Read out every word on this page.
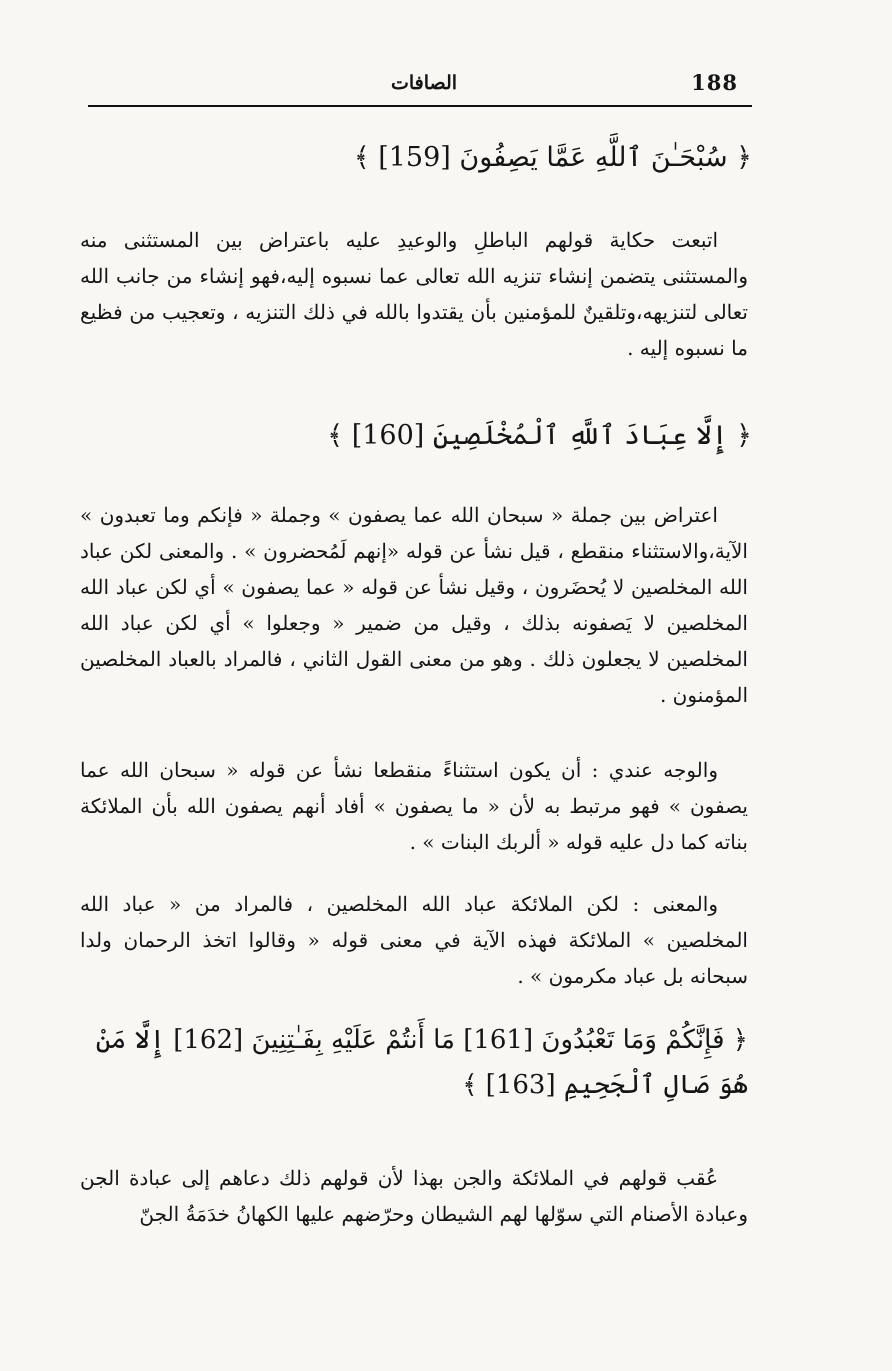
الصافات	188
﴿ سُبْحَـٰنَ ٱللَّهِ عَمَّا يَصِفُونَ [159] ﴾

اتبعت حكاية قولهم الباطلِ والوعيدِ عليه باعتراض بين المستثنى منه والمستثنى يتضمن إنشاء تنزيه الله تعالى عما نسبوه إليه،فهو إنشاء من جانب الله تعالى لتنزيهه،وتلقينٌ للمؤمنين بأن يقتدوا بالله في ذلك التنزيه ، وتعجيب من فظيع ما نسبوه إليه .

﴿ إِلَّا عِبَادَ ٱللَّهِ ٱلْمُخْلَصِينَ [160] ﴾

اعتراض بين جملة « سبحان الله عما يصفون » وجملة « فإنكم وما تعبدون » الآية،والاستثناء منقطع ، قيل نشأ عن قوله «إنهم لَمُحضرون » . والمعنى لكن عباد الله المخلصين لا يُحضَرون ، وقيل نشأ عن قوله « عما يصفون » أي لكن عباد الله المخلصين لا يَصفونه بذلك ، وقيل من ضمير « وجعلوا » أي لكن عباد الله المخلصين لا يجعلون ذلك . وهو من معنى القول الثاني ، فالمراد بالعباد المخلصين المؤمنون .

والوجه عندي : أن يكون استثناءً منقطعا نشأ عن قوله « سبحان الله عما يصفون » فهو مرتبط به لأن « ما يصفون » أفاد أنهم يصفون الله بأن الملائكة بناته كما دل عليه قوله « ألربك البنات » .

والمعنى : لكن الملائكة عباد الله المخلصين ، فالمراد من « عباد الله المخلصين » الملائكة فهذه الآية في معنى قوله « وقالوا اتخذ الرحمان ولدا سبحانه بل عباد مكرمون » .

﴿ فَإِنَّكُمْ وَمَا تَعْبُدُونَ [161] مَا أَنتُمْ عَلَيْهِ بِفَـٰتِنِينَ [162] إِلَّا مَنْ هُوَ صَالِ ٱلْجَحِيمِ [163] ﴾

عُقب قولهم في الملائكة والجن بهذا لأن قولهم ذلك دعاهم إلى عبادة الجن وعبادة الأصنام التي سوّلها لهم الشيطان وحرّضهم عليها الكهانُ خدَمَةُ الجنّ
